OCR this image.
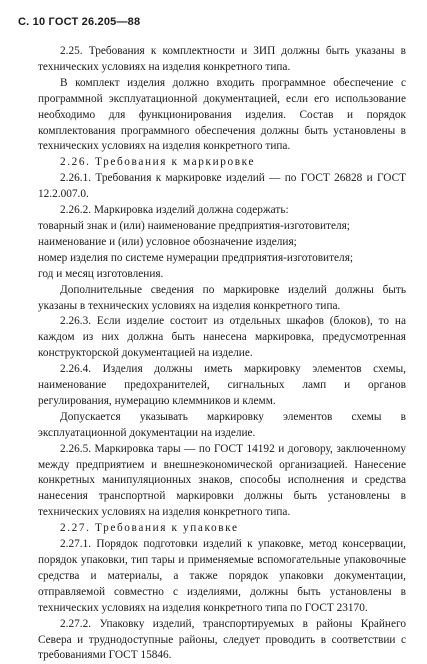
С. 10 ГОСТ 26.205—88

2.25. Требования к комплектности и ЗИП должны быть указаны в технических условиях на изделия конкретного типа.

В комплект изделия должно входить программное обеспечение с программной эксплуатационной документацией, если его использование необходимо для функционирования изделия. Состав и порядок комплектования программного обеспечения должны быть установлены в технических условиях на изделия конкретного типа.

2.26. Требования к маркировке

2.26.1. Требования к маркировке изделий — по ГОСТ 26828 и ГОСТ 12.2.007.0.

2.26.2. Маркировка изделий должна содержать:

товарный знак и (или) наименование предприятия-изготовителя;

наименование и (или) условное обозначение изделия;

номер изделия по системе нумерации предприятия-изготовителя;

год и месяц изготовления.

Дополнительные сведения по маркировке изделий должны быть указаны в технических условиях на изделия конкретного типа.

2.26.3. Если изделие состоит из отдельных шкафов (блоков), то на каждом из них должна быть нанесена маркировка, предусмотренная конструкторской документацией на изделие.

2.26.4. Изделия должны иметь маркировку элементов схемы, наименование предохранителей, сигнальных ламп и органов регулирования, нумерацию клеммников и клемм.

Допускается указывать маркировку элементов схемы в эксплуатационной документации на изделие.

2.26.5. Маркировка тары — по ГОСТ 14192 и договору, заключенному между предприятием и внешнеэкономической организацией. Нанесение конкретных манипуляционных знаков, способы исполнения и средства нанесения транспортной маркировки должны быть установлены в технических условиях на изделия конкретного типа.

2.27. Требования к упаковке

2.27.1. Порядок подготовки изделий к упаковке, метод консервации, порядок упаковки, тип тары и применяемые вспомогательные упаковочные средства и материалы, а также порядок упаковки документации, отправляемой совместно с изделиями, должны быть установлены в технических условиях на изделия конкретного типа по ГОСТ 23170.

2.27.2. Упаковку изделий, транспортируемых в районы Крайнего Севера и труднодоступные районы, следует проводить в соответствии с требованиями ГОСТ 15846.
